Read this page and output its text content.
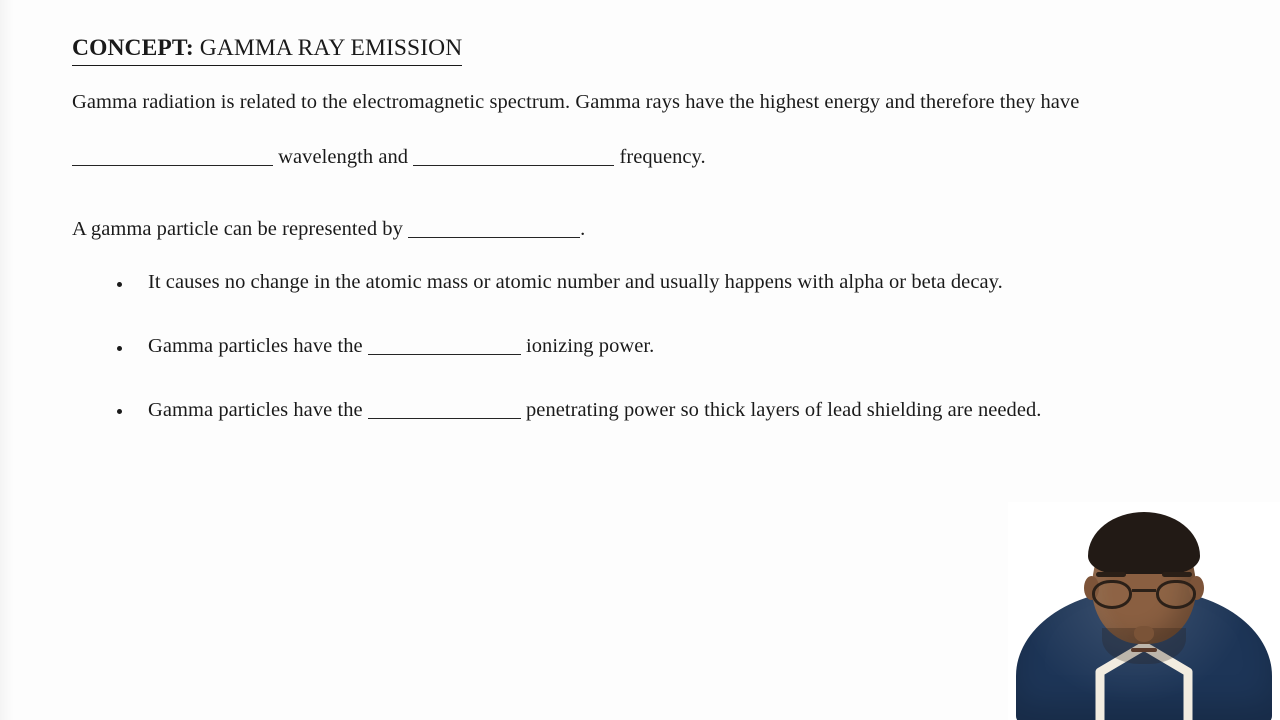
CONCEPT: GAMMA RAY EMISSION

Gamma radiation is related to the electromagnetic spectrum. Gamma rays have the highest energy and therefore they have

wavelength and	frequency.

A gamma particle can be represented by	.

It causes no change in the atomic mass or atomic number and usually happens with alpha or beta decay.
Gamma particles have the	ionizing power.
Gamma particles have the	penetrating power so thick layers of lead shielding are needed.
